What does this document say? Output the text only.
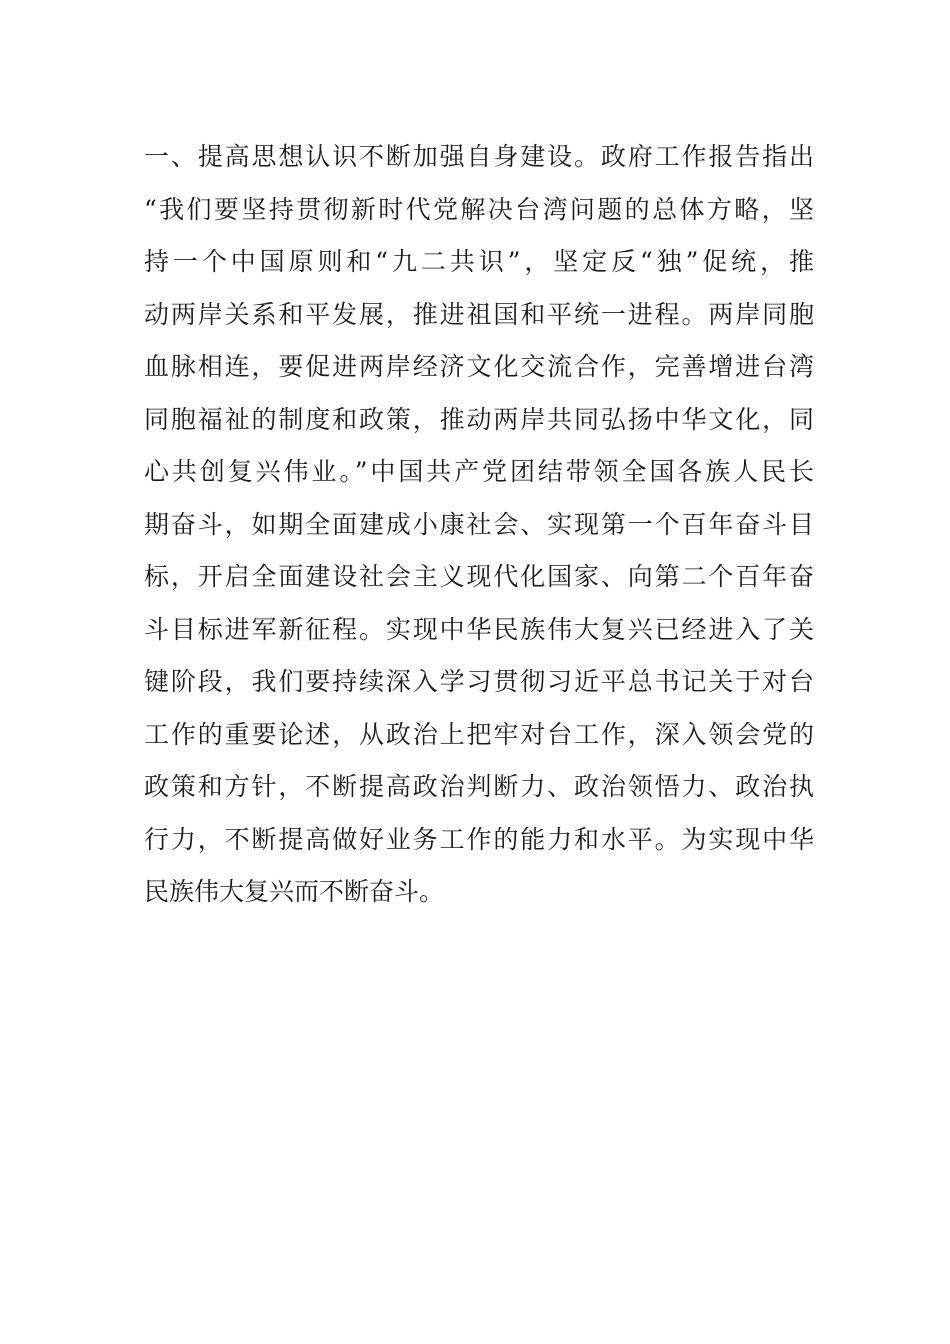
一、提高思想认识不断加强自身建设。政府工作报告指出
“我们要坚持贯彻新时代党解决台湾问题的总体方略，坚
持一个中国原则和“九二共识”，坚定反“独”促统，推
动两岸关系和平发展，推进祖国和平统一进程。两岸同胞
血脉相连，要促进两岸经济文化交流合作，完善增进台湾
同胞福祉的制度和政策，推动两岸共同弘扬中华文化，同
心共创复兴伟业。”中国共产党团结带领全国各族人民长
期奋斗，如期全面建成小康社会、实现第一个百年奋斗目
标，开启全面建设社会主义现代化国家、向第二个百年奋
斗目标进军新征程。实现中华民族伟大复兴已经进入了关
键阶段，我们要持续深入学习贯彻习近平总书记关于对台
工作的重要论述，从政治上把牢对台工作，深入领会党的
政策和方针，不断提高政治判断力、政治领悟力、政治执
行力，不断提高做好业务工作的能力和水平。为实现中华
民族伟大复兴而不断奋斗。
